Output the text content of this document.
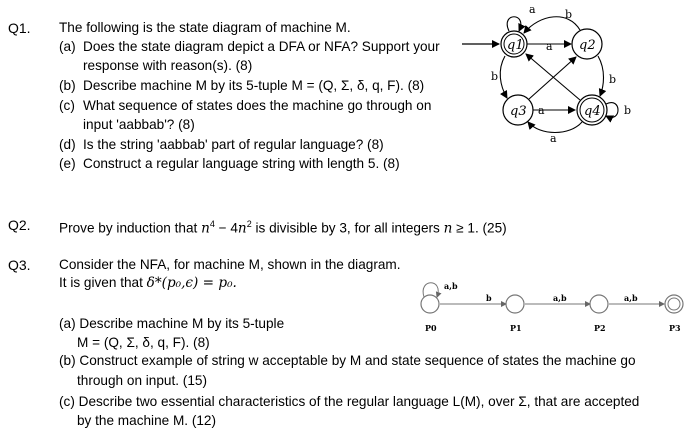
Q1. The following is the state diagram of machine M.
(a) Does the state diagram depict a DFA or NFA? Support your
response with reason(s). (8)
(b) Describe machine M by its 5-tuple M = (Q, Σ, δ, q, F). (8)
(c) What sequence of states does the machine go through on
input 'aabbab'? (8)
(d) Is the string 'aabbab' part of regular language? (8)
(e) Construct a regular language string with length 5. (8)
q1	q2
q3	q4
a
a
b
b	b
a
a
b
Q2. Prove by induction that $n^4 - 4n^2$ is divisible by 3, for all integers n ≥ 1. (25)
Q3. Consider the NFA, for machine M, shown in the diagram.
It is given that δ*(p₀,ϵ) = p₀.
(a) Describe machine M by its 5-tuple
M = (Q, Σ, δ, q, F). (8)
(b) Construct example of string w acceptable by M and state sequence of states the machine go
through on input. (15)
(c) Describe two essential characteristics of the regular language L(M), over Σ, that are accepted
by the machine M. (12)
a,b
b	a,b	a,b
P0	P1	P2	P3
